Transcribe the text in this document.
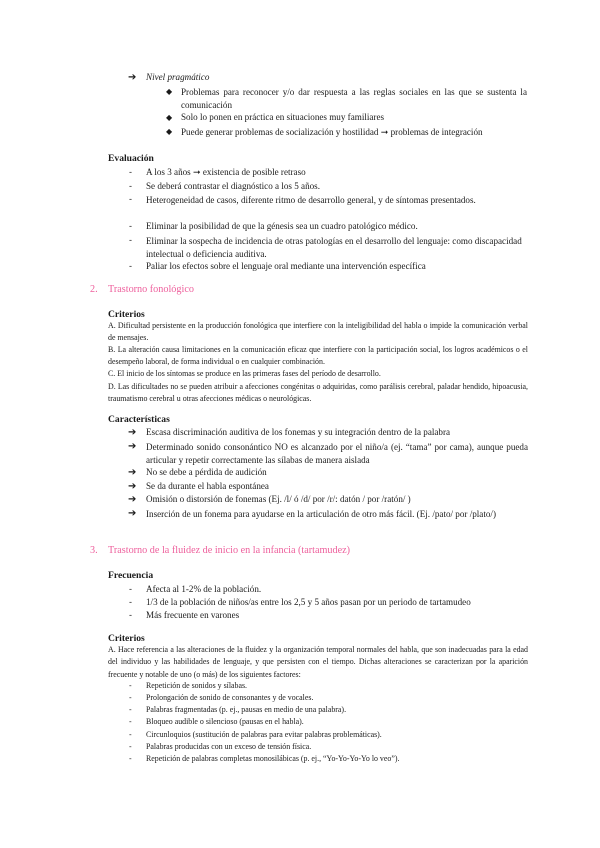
➔ Nivel pragmático
◆ Problemas para reconocer y/o dar respuesta a las reglas sociales en las que se sustenta la comunicación
◆ Solo lo ponen en práctica en situaciones muy familiares
◆ Puede generar problemas de socialización y hostilidad ➞ problemas de integración
Evaluación
- A los 3 años ➞ existencia de posible retraso
- Se deberá contrastar el diagnóstico a los 5 años.
- Heterogeneidad de casos, diferente ritmo de desarrollo general, y de síntomas presentados.
- Eliminar la posibilidad de que la génesis sea un cuadro patológico médico.
- Eliminar la sospecha de incidencia de otras patologías en el desarrollo del lenguaje: como discapacidad intelectual o deficiencia auditiva.
- Paliar los efectos sobre el lenguaje oral mediante una intervención específica
2. Trastorno fonológico
Criterios
A. Dificultad persistente en la producción fonológica que interfiere con la inteligibilidad del habla o impide la comunicación verbal de mensajes.
B. La alteración causa limitaciones en la comunicación eficaz que interfiere con la participación social, los logros académicos o el desempeño laboral, de forma individual o en cualquier combinación.
C. El inicio de los síntomas se produce en las primeras fases del período de desarrollo.
D. Las dificultades no se pueden atribuir a afecciones congénitas o adquiridas, como parálisis cerebral, paladar hendido, hipoacusia, traumatismo cerebral u otras afecciones médicas o neurológicas.
Características
➔ Escasa discriminación auditiva de los fonemas y su integración dentro de la palabra
➔ Determinado sonido consonántico NO es alcanzado por el niño/a (ej. “tama” por cama), aunque pueda articular y repetir correctamente las sílabas de manera aislada
➔ No se debe a pérdida de audición
➔ Se da durante el habla espontánea
➔ Omisión o distorsión de fonemas (Ej. /l/ ó /d/ por /r/: datón / por /ratón/ )
➔ Inserción de un fonema para ayudarse en la articulación de otro más fácil. (Ej. /pato/ por /plato/)
3. Trastorno de la fluidez de inicio en la infancia (tartamudez)
Frecuencia
- Afecta al 1-2% de la población.
- 1/3 de la población de niños/as entre los 2,5 y 5 años pasan por un periodo de tartamudeo
- Más frecuente en varones
Criterios
A. Hace referencia a las alteraciones de la fluidez y la organización temporal normales del habla, que son inadecuadas para la edad del individuo y las habilidades de lenguaje, y que persisten con el tiempo. Dichas alteraciones se caracterizan por la aparición frecuente y notable de uno (o más) de los siguientes factores:
- Repetición de sonidos y sílabas.
- Prolongación de sonido de consonantes y de vocales.
- Palabras fragmentadas (p. ej., pausas en medio de una palabra).
- Bloqueo audible o silencioso (pausas en el habla).
- Circunloquios (sustitución de palabras para evitar palabras problemáticas).
- Palabras producidas con un exceso de tensión física.
- Repetición de palabras completas monosilábicas (p. ej., “Yo-Yo-Yo-Yo lo veo”).
